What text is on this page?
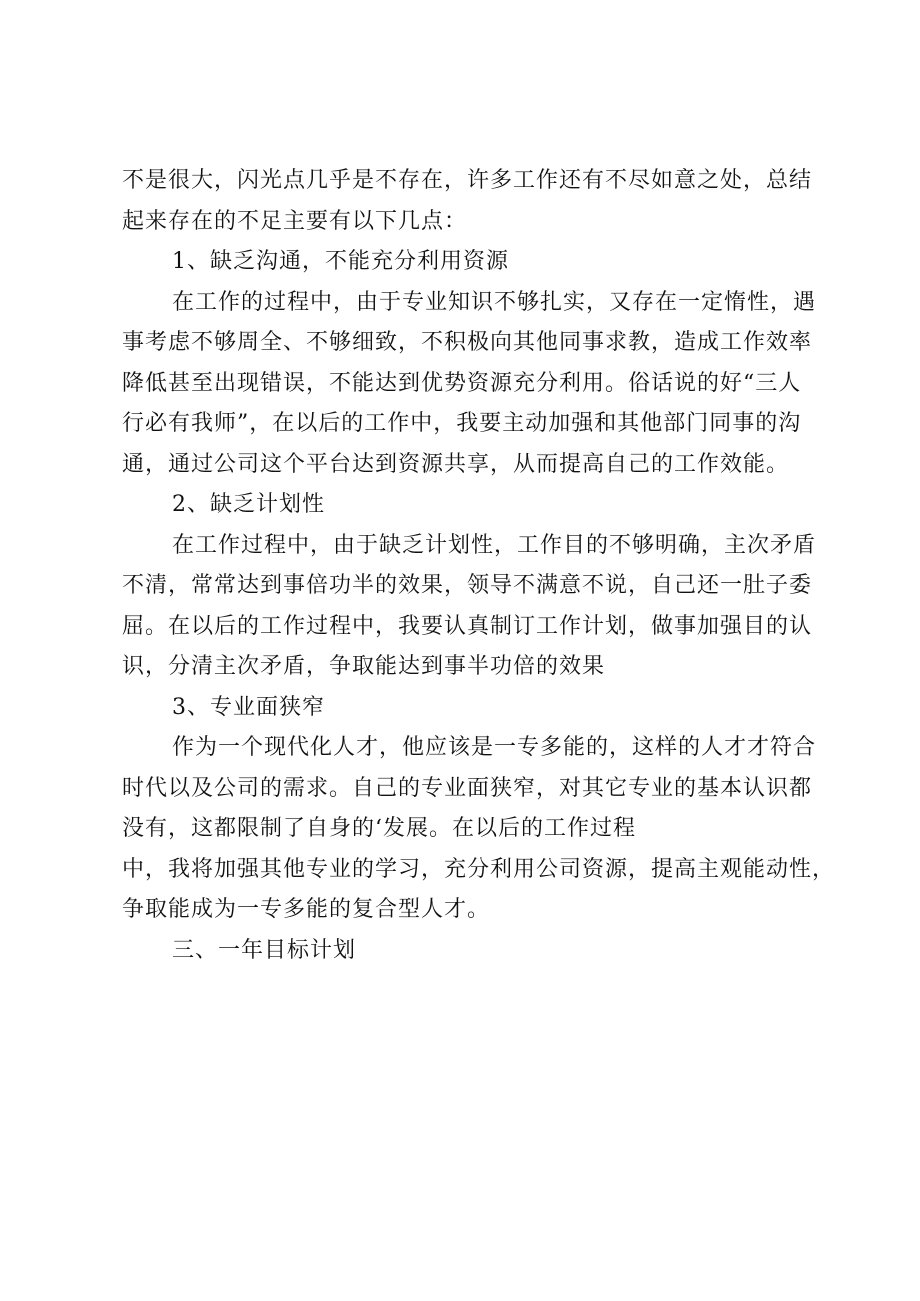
不是很大，闪光点几乎是不存在，许多工作还有不尽如意之处，总结
起来存在的不足主要有以下几点：
1、缺乏沟通，不能充分利用资源
在工作的过程中，由于专业知识不够扎实，又存在一定惰性，遇
事考虑不够周全、不够细致，不积极向其他同事求教，造成工作效率
降低甚至出现错误，不能达到优势资源充分利用。俗话说的好“三人
行必有我师”，在以后的工作中，我要主动加强和其他部门同事的沟
通，通过公司这个平台达到资源共享，从而提高自己的工作效能。
2、缺乏计划性
在工作过程中，由于缺乏计划性，工作目的不够明确，主次矛盾
不清，常常达到事倍功半的效果，领导不满意不说，自己还一肚子委
屈。在以后的工作过程中，我要认真制订工作计划，做事加强目的认
识，分清主次矛盾，争取能达到事半功倍的效果
3、专业面狭窄
作为一个现代化人才，他应该是一专多能的，这样的人才才符合
时代以及公司的需求。自己的专业面狭窄，对其它专业的基本认识都
没有，这都限制了自身的‘发展。在以后的工作过程
中，我将加强其他专业的学习，充分利用公司资源，提高主观能动性，
争取能成为一专多能的复合型人才。
三、一年目标计划
